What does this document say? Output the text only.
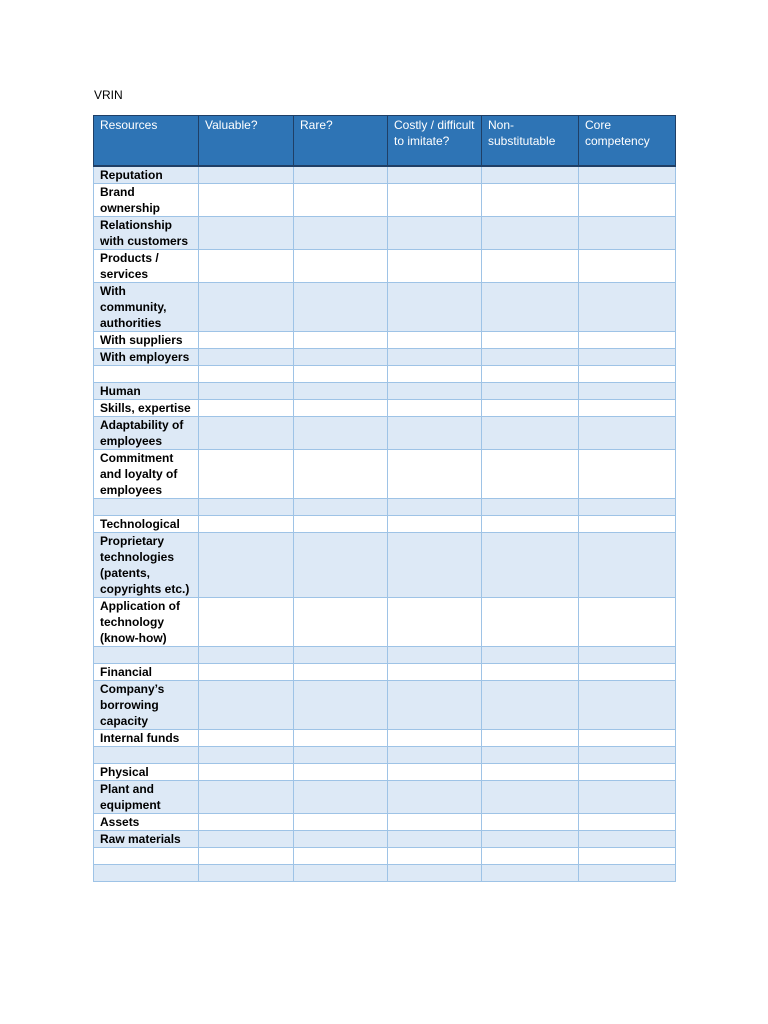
VRIN
Resources	Valuable?	Rare?	Costly / difficult to imitate?	Non-substitutable	Core competency
Reputation					
Brand ownership					
Relationship with customers					
Products / services					
With community, authorities					
With suppliers					
With employers					

Human					
Skills, expertise					
Adaptability of employees					
Commitment and loyalty of employees					

Technological					
Proprietary technologies (patents, copyrights etc.)					
Application of technology (know-how)					

Financial					
Company’s borrowing capacity					
Internal funds					

Physical					
Plant and equipment					
Assets					
Raw materials					
